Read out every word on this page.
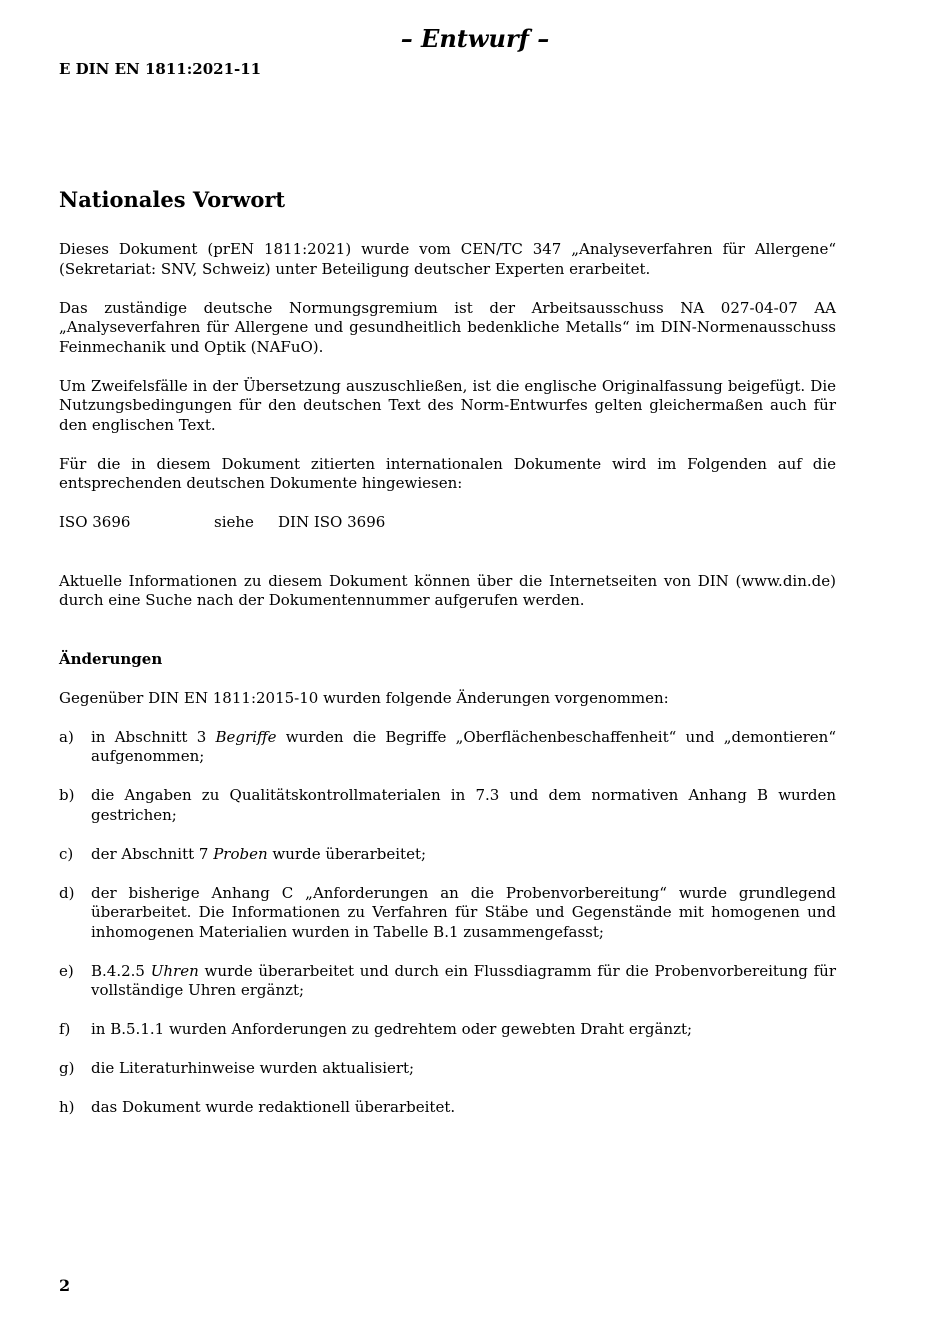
– Entwurf –
E DIN EN 1811:2021-11
Nationales Vorwort

Dieses Dokument (prEN 1811:2021) wurde vom CEN/TC 347 „Analyseverfahren für Allergene“ (Sekretariat: SNV, Schweiz) unter Beteiligung deutscher Experten erarbeitet.

Das zuständige deutsche Normungsgremium ist der Arbeitsausschuss NA 027-04-07 AA „Analyseverfahren für Allergene und gesundheitlich bedenkliche Metalls“ im DIN-Normenausschuss Feinmechanik und Optik (NAFuO).

Um Zweifelsfälle in der Übersetzung auszuschließen, ist die englische Originalfassung beigefügt. Die Nutzungsbedingungen für den deutschen Text des Norm-Entwurfes gelten gleichermaßen auch für den englischen Text.

Für die in diesem Dokument zitierten internationalen Dokumente wird im Folgenden auf die entsprechenden deutschen Dokumente hingewiesen:

ISO 3696	siehe	DIN ISO 3696

Aktuelle Informationen zu diesem Dokument können über die Internetseiten von DIN (www.din.de) durch eine Suche nach der Dokumentennummer aufgerufen werden.

Änderungen

Gegenüber DIN EN 1811:2015-10 wurden folgende Änderungen vorgenommen:

a)	in Abschnitt 3 Begriffe wurden die Begriffe „Oberflächenbeschaffenheit“ und „demontieren“ aufgenommen;
b)	die Angaben zu Qualitätskontrollmaterialen in 7.3 und dem normativen Anhang B wurden gestrichen;
c)	der Abschnitt 7 Proben wurde überarbeitet;
d)	der bisherige Anhang C „Anforderungen an die Probenvorbereitung“ wurde grundlegend überarbeitet. Die Informationen zu Verfahren für Stäbe und Gegenstände mit homogenen und inhomogenen Materialien wurden in Tabelle B.1 zusammengefasst;
e)	B.4.2.5 Uhren wurde überarbeitet und durch ein Flussdiagramm für die Probenvorbereitung für vollständige Uhren ergänzt;
f)	in B.5.1.1 wurden Anforderungen zu gedrehtem oder gewebten Draht ergänzt;
g)	die Literaturhinweise wurden aktualisiert;
h)	das Dokument wurde redaktionell überarbeitet.
2
